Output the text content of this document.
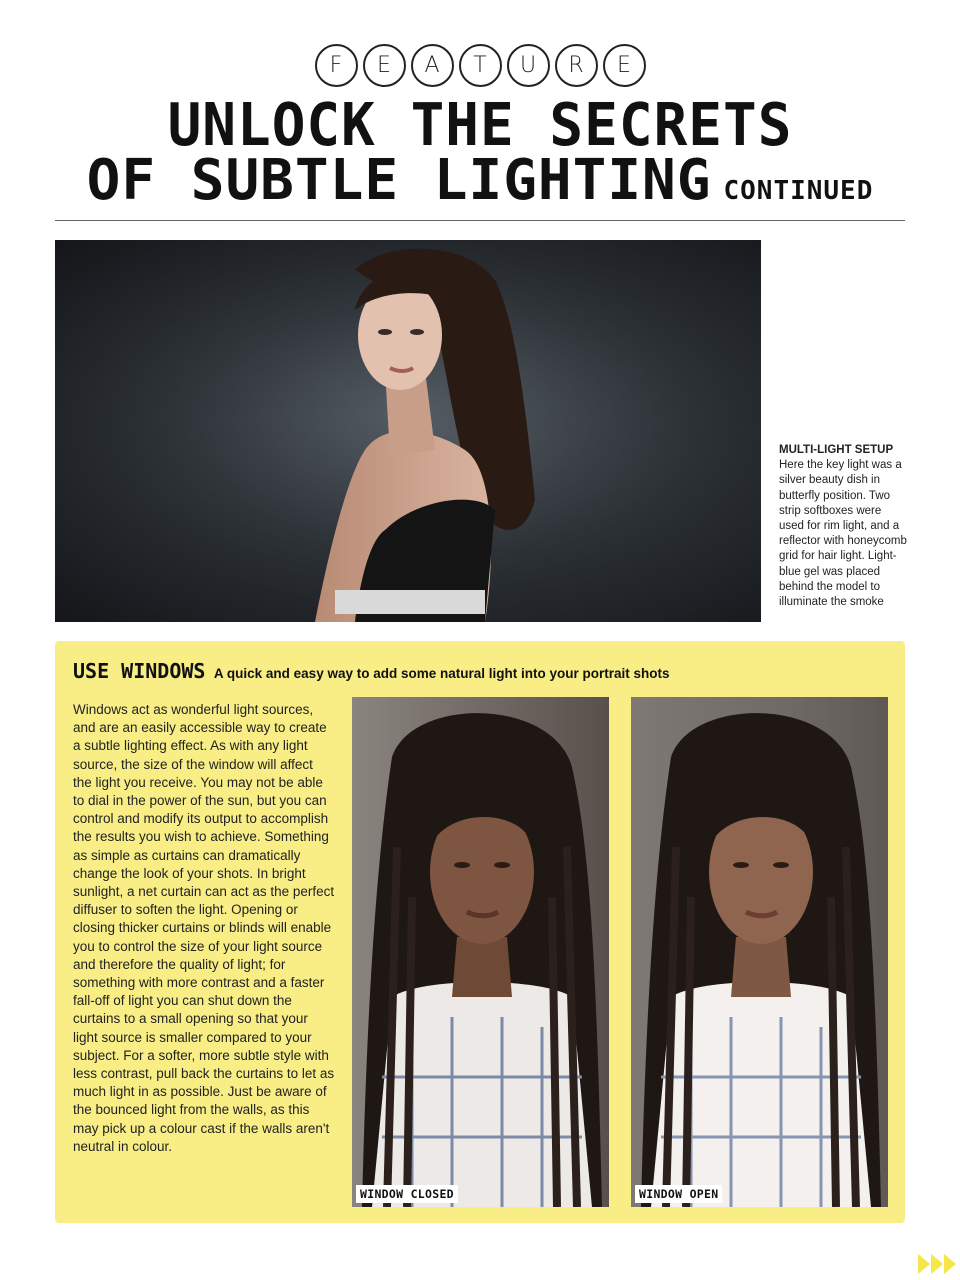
F	E	A	T	U	R	E
UNLOCK THE SECRETS
OF SUBTLE LIGHTING CONTINUED
MULTI-LIGHT SETUP
Here the key light was a silver beauty dish in butterfly position. Two strip softboxes were used for rim light, and a reflector with honeycomb grid for hair light. Light-blue gel was placed behind the model to illuminate the smoke
USE WINDOWS A quick and easy way to add some natural light into your portrait shots
Windows act as wonderful light sources, and are an easily accessible way to create a subtle lighting effect. As with any light source, the size of the window will affect the light you receive. You may not be able to dial in the power of the sun, but you can control and modify its output to accomplish the results you wish to achieve. Something as simple as curtains can dramatically change the look of your shots. In bright sunlight, a net curtain can act as the perfect diffuser to soften the light. Opening or closing thicker curtains or blinds will enable you to control the size of your light source and therefore the quality of light; for something with more contrast and a faster fall-off of light you can shut down the curtains to a small opening so that your light source is smaller compared to your subject. For a softer, more subtle style with less contrast, pull back the curtains to let as much light in as possible. Just be aware of the bounced light from the walls, as this may pick up a colour cast if the walls aren't neutral in colour.
WINDOW CLOSED	WINDOW OPEN
